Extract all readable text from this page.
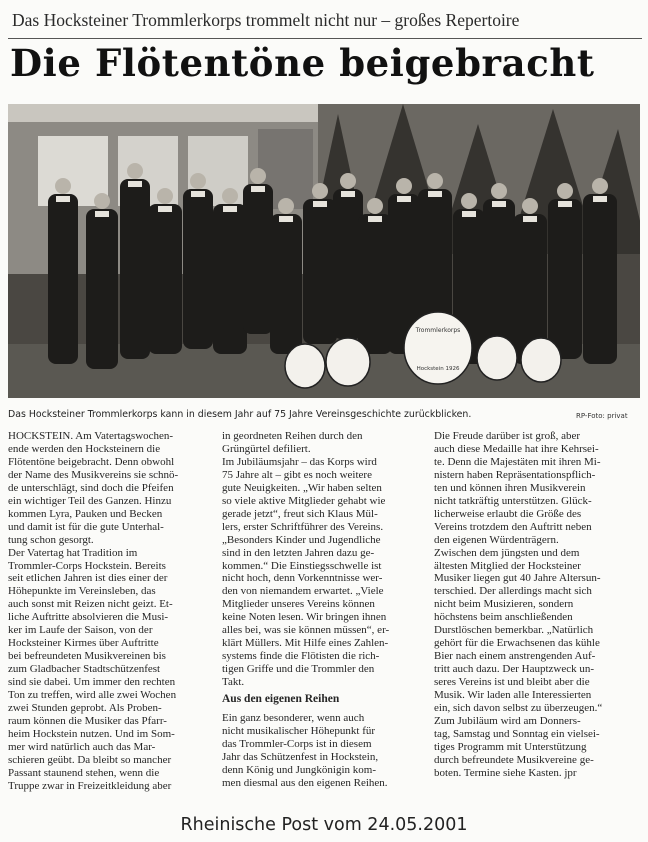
Das Hocksteiner Trommlerkorps trommelt nicht nur – großes Repertoire
Die Flötentöne beigebracht
Trommlerkorps
Hockstein 1926
Das Hocksteiner Trommlerkorps kann in diesem Jahr auf 75 Jahre Vereinsgeschichte zurückblicken.	RP-Foto: privat
HOCKSTEIN. Am Vatertagswochen-
ende werden den Hocksteinern die
Flötentöne beigebracht. Denn obwohl
der Name des Musikvereins sie schnö-
de unterschlägt, sind doch die Pfeifen
ein wichtiger Teil des Ganzen. Hinzu
kommen Lyra, Pauken und Becken
und damit ist für die gute Unterhal-
tung schon gesorgt.
Der Vatertag hat Tradition im
Trommler-Corps Hockstein. Bereits
seit etlichen Jahren ist dies einer der
Höhepunkte im Vereinsleben, das
auch sonst mit Reizen nicht geizt. Et-
liche Auftritte absolvieren die Musi-
ker im Laufe der Saison, von der
Hocksteiner Kirmes über Auftritte
bei befreundeten Musikvereinen bis
zum Gladbacher Stadtschützenfest
sind sie dabei. Um immer den rechten
Ton zu treffen, wird alle zwei Wochen
zwei Stunden geprobt. Als Proben-
raum können die Musiker das Pfarr-
heim Hockstein nutzen. Und im Som-
mer wird natürlich auch das Mar-
schieren geübt. Da bleibt so mancher
Passant staunend stehen, wenn die
Truppe zwar in Freizeitkleidung aber
in geordneten Reihen durch den
Grüngürtel defiliert.
Im Jubiläumsjahr – das Korps wird
75 Jahre alt – gibt es noch weitere
gute Neuigkeiten. „Wir haben selten
so viele aktive Mitglieder gehabt wie
gerade jetzt“, freut sich Klaus Mül-
lers, erster Schriftführer des Vereins.
„Besonders Kinder und Jugendliche
sind in den letzten Jahren dazu ge-
kommen.“ Die Einstiegsschwelle ist
nicht hoch, denn Vorkenntnisse wer-
den von niemandem erwartet. „Viele
Mitglieder unseres Vereins können
keine Noten lesen. Wir bringen ihnen
alles bei, was sie können müssen“, er-
klärt Müllers. Mit Hilfe eines Zahlen-
systems finde die Flötisten die rich-
tigen Griffe und die Trommler den
Takt.
Aus den eigenen Reihen
Ein ganz besonderer, wenn auch
nicht musikalischer Höhepunkt für
das Trommler-Corps ist in diesem
Jahr das Schützenfest in Hockstein,
denn König und Jungkönigin kom-
men diesmal aus den eigenen Reihen.
Die Freude darüber ist groß, aber
auch diese Medaille hat ihre Kehrsei-
te. Denn die Majestäten mit ihren Mi-
nistern haben Repräsentationspflich-
ten und können ihren Musikverein
nicht tatkräftig unterstützen. Glück-
licherweise erlaubt die Größe des
Vereins trotzdem den Auftritt neben
den eigenen Würdenträgern.
Zwischen dem jüngsten und dem
ältesten Mitglied der Hocksteiner
Musiker liegen gut 40 Jahre Altersun-
terschied. Der allerdings macht sich
nicht beim Musizieren, sondern
höchstens beim anschließenden
Durstlöschen bemerkbar. „Natürlich
gehört für die Erwachsenen das kühle
Bier nach einem anstrengenden Auf-
tritt auch dazu. Der Hauptzweck un-
seres Vereins ist und bleibt aber die
Musik. Wir laden alle Interessierten
ein, sich davon selbst zu überzeugen.“
Zum Jubiläum wird am Donners-
tag, Samstag und Sonntag ein vielsei-
tiges Programm mit Unterstützung
durch befreundete Musikvereine ge-
boten. Termine siehe Kasten. jpr
Rheinische Post vom 24.05.2001
